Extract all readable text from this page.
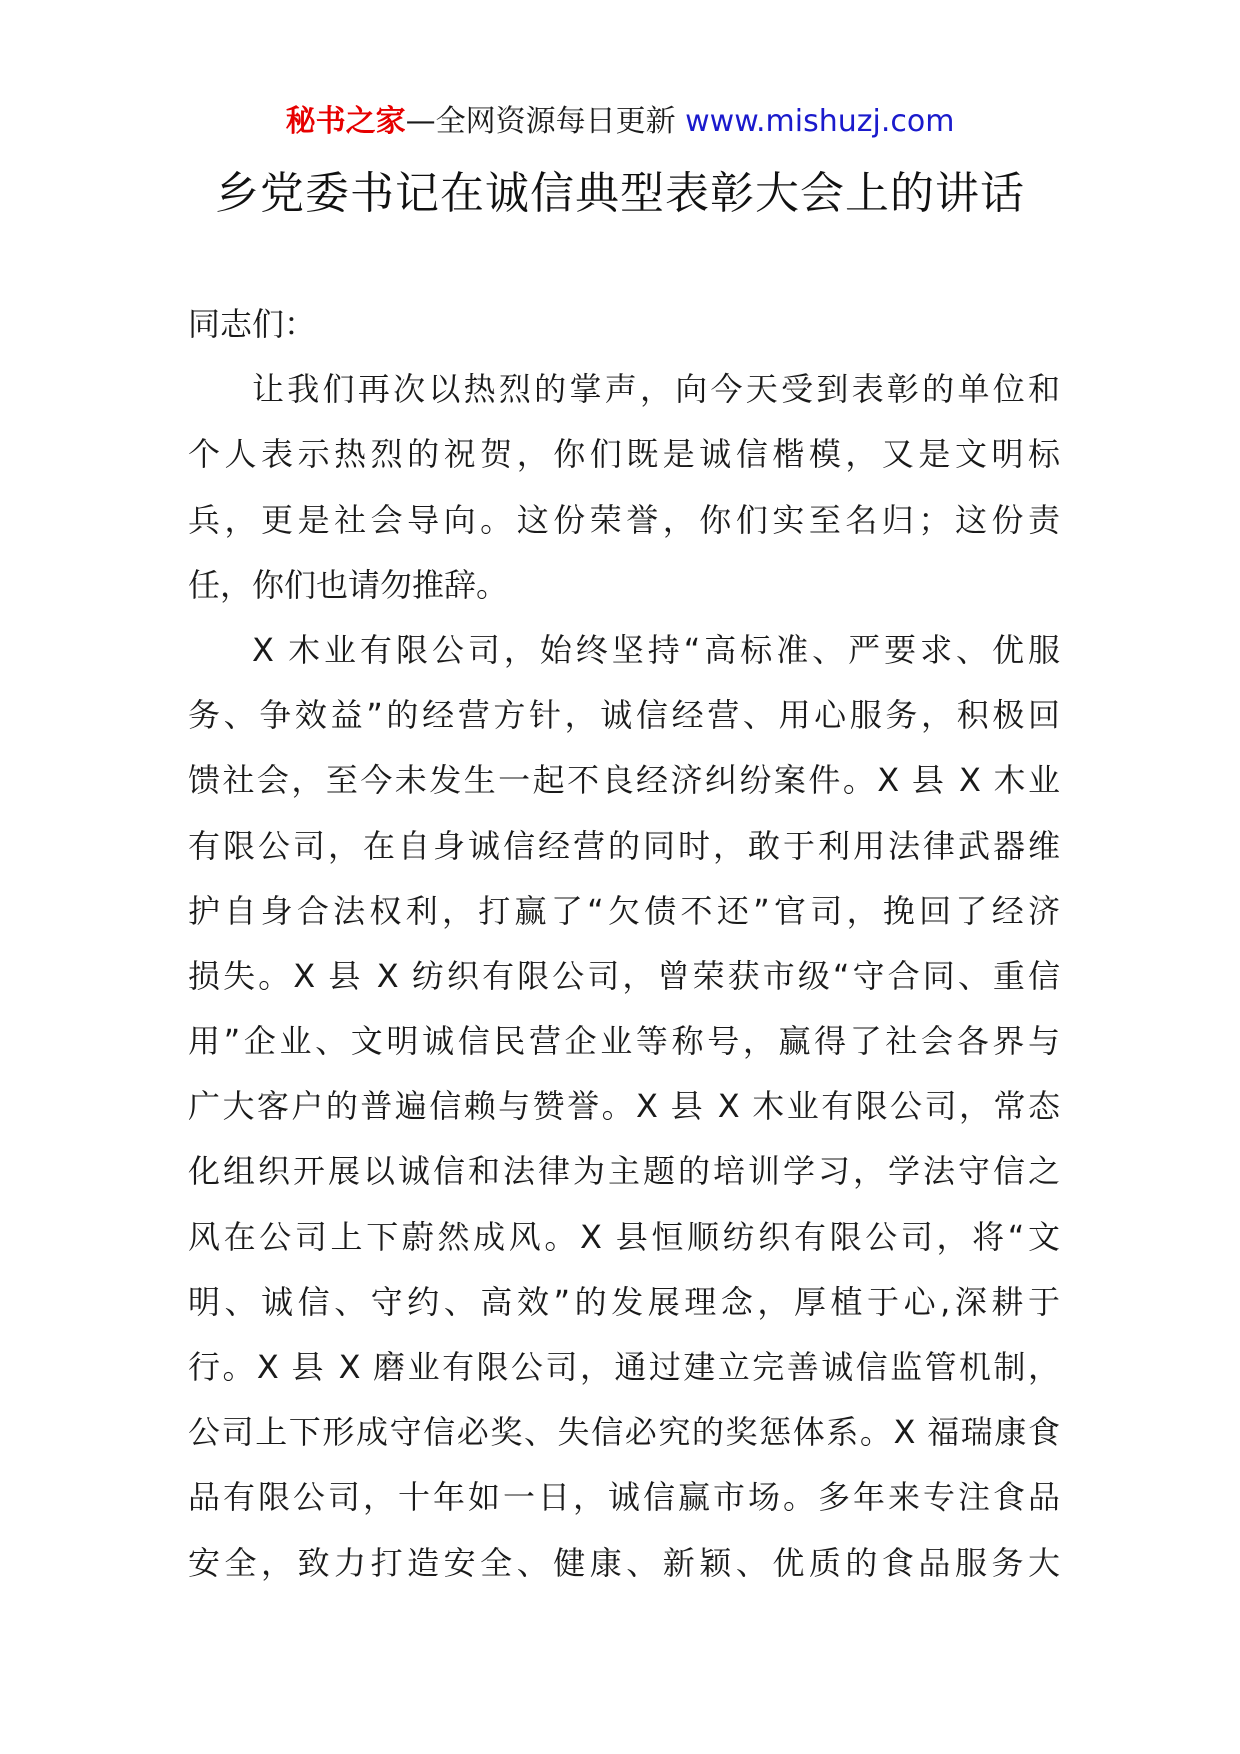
秘书之家—全网资源每日更新 www.mishuzj.com
乡党委书记在诚信典型表彰大会上的讲话
同志们：
让我们再次以热烈的掌声，向今天受到表彰的单位和
个人表示热烈的祝贺，你们既是诚信楷模，又是文明标
兵，更是社会导向。这份荣誉，你们实至名归；这份责
任，你们也请勿推辞。
X 木业有限公司，始终坚持“高标准、严要求、优服
务、争效益”的经营方针，诚信经营、用心服务，积极回
馈社会，至今未发生一起不良经济纠纷案件。X 县 X 木业
有限公司，在自身诚信经营的同时，敢于利用法律武器维
护自身合法权利，打赢了“欠债不还”官司，挽回了经济
损失。X 县 X 纺织有限公司，曾荣获市级“守合同、重信
用”企业、文明诚信民营企业等称号，赢得了社会各界与
广大客户的普遍信赖与赞誉。X 县 X 木业有限公司，常态
化组织开展以诚信和法律为主题的培训学习，学法守信之
风在公司上下蔚然成风。X 县恒顺纺织有限公司，将“文
明、诚信、守约、高效”的发展理念，厚植于心,深耕于
行。X 县 X 磨业有限公司，通过建立完善诚信监管机制，
公司上下形成守信必奖、失信必究的奖惩体系。X 福瑞康食
品有限公司，十年如一日，诚信赢市场。多年来专注食品
安全，致力打造安全、健康、新颖、优质的食品服务大
